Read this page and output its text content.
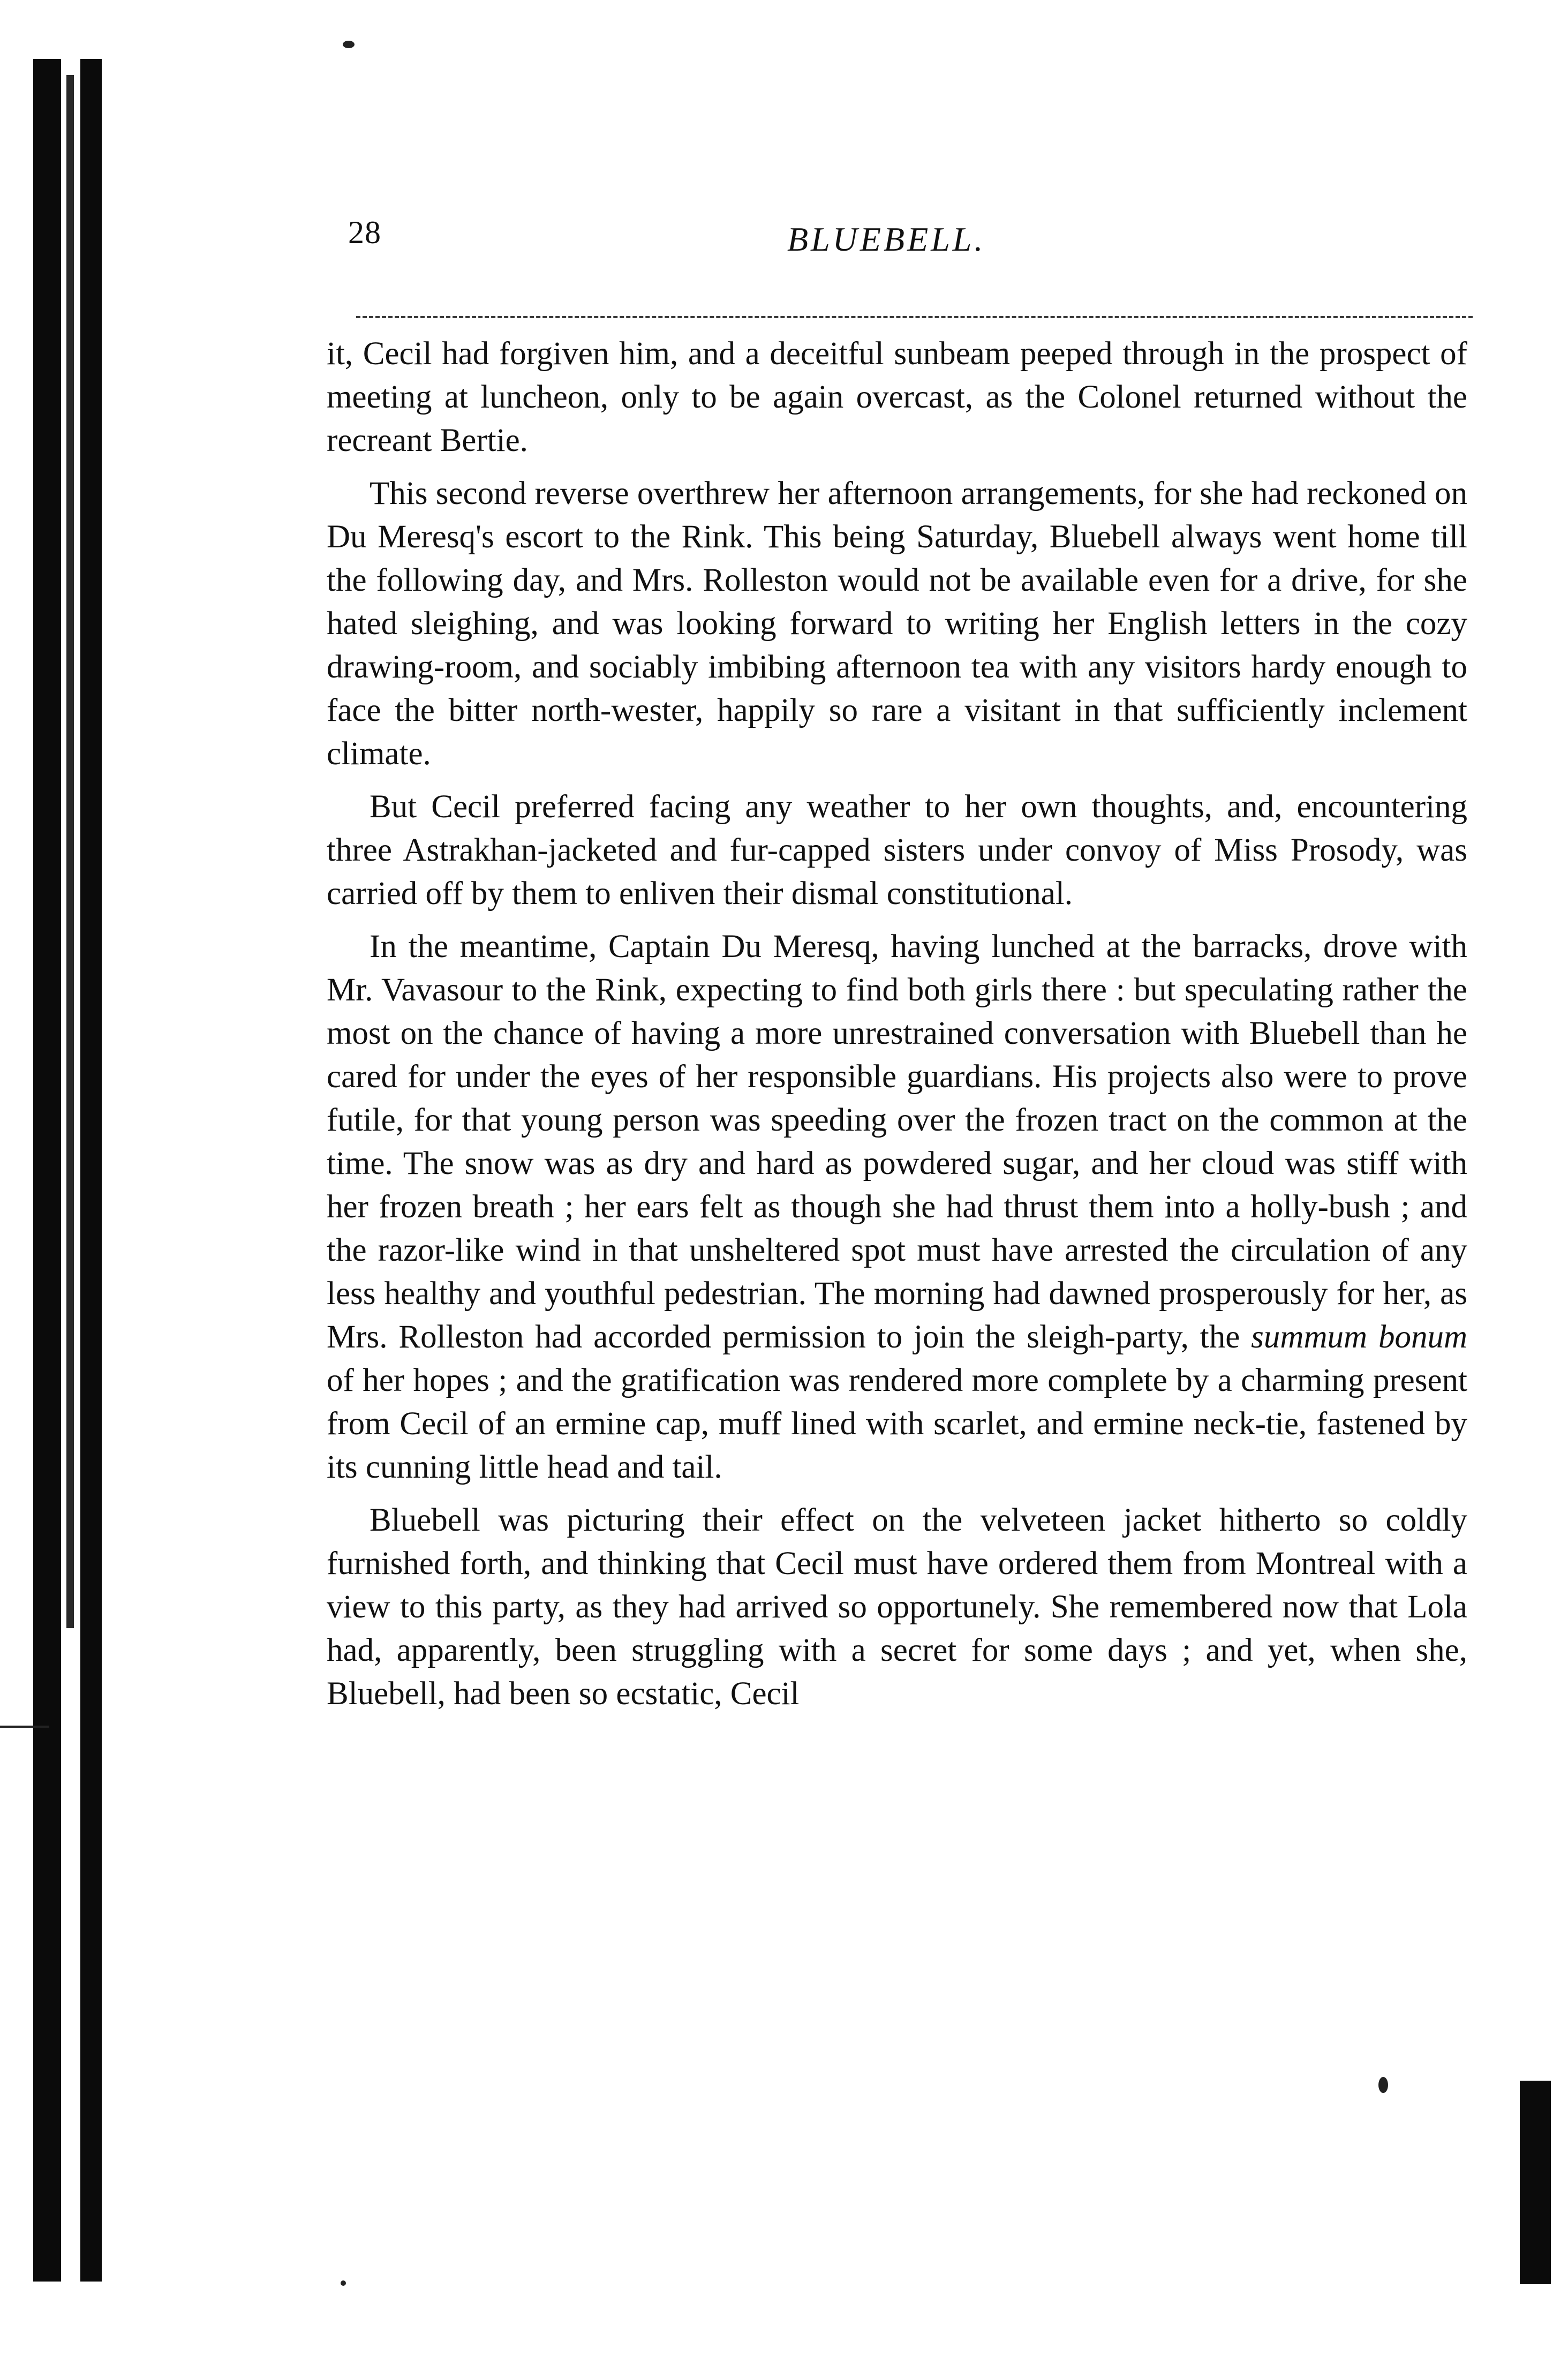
28	BLUEBELL.

it, Cecil had forgiven him, and a deceitful sunbeam peeped through in the prospect of meeting at luncheon, only to be again overcast, as the Colonel returned without the recreant Bertie.

This second reverse overthrew her afternoon arrangements, for she had reckoned on Du Meresq's escort to the Rink. This being Saturday, Bluebell always went home till the following day, and Mrs. Rolleston would not be available even for a drive, for she hated sleighing, and was looking forward to writing her English letters in the cozy drawing-room, and sociably imbibing afternoon tea with any visitors hardy enough to face the bitter north-wester, happily so rare a visitant in that sufficiently inclement climate.

But Cecil preferred facing any weather to her own thoughts, and, encountering three Astrakhan-jacketed and fur-capped sisters under convoy of Miss Prosody, was carried off by them to enliven their dismal constitutional.

In the meantime, Captain Du Meresq, having lunched at the barracks, drove with Mr. Vavasour to the Rink, expecting to find both girls there : but speculating rather the most on the chance of having a more unrestrained conversation with Bluebell than he cared for under the eyes of her responsible guardians. His projects also were to prove futile, for that young person was speeding over the frozen tract on the common at the time. The snow was as dry and hard as powdered sugar, and her cloud was stiff with her frozen breath ; her ears felt as though she had thrust them into a holly-bush ; and the razor-like wind in that unsheltered spot must have arrested the circulation of any less healthy and youthful pedestrian. The morning had dawned prosperously for her, as Mrs. Rolleston had accorded permission to join the sleigh-party, the summum bonum of her hopes ; and the gratification was rendered more complete by a charming present from Cecil of an ermine cap, muff lined with scarlet, and ermine neck-tie, fastened by its cunning little head and tail.

Bluebell was picturing their effect on the velveteen jacket hitherto so coldly furnished forth, and thinking that Cecil must have ordered them from Montreal with a view to this party, as they had arrived so opportunely. She remembered now that Lola had, apparently, been struggling with a secret for some days ; and yet, when she, Bluebell, had been so ecstatic, Cecil
